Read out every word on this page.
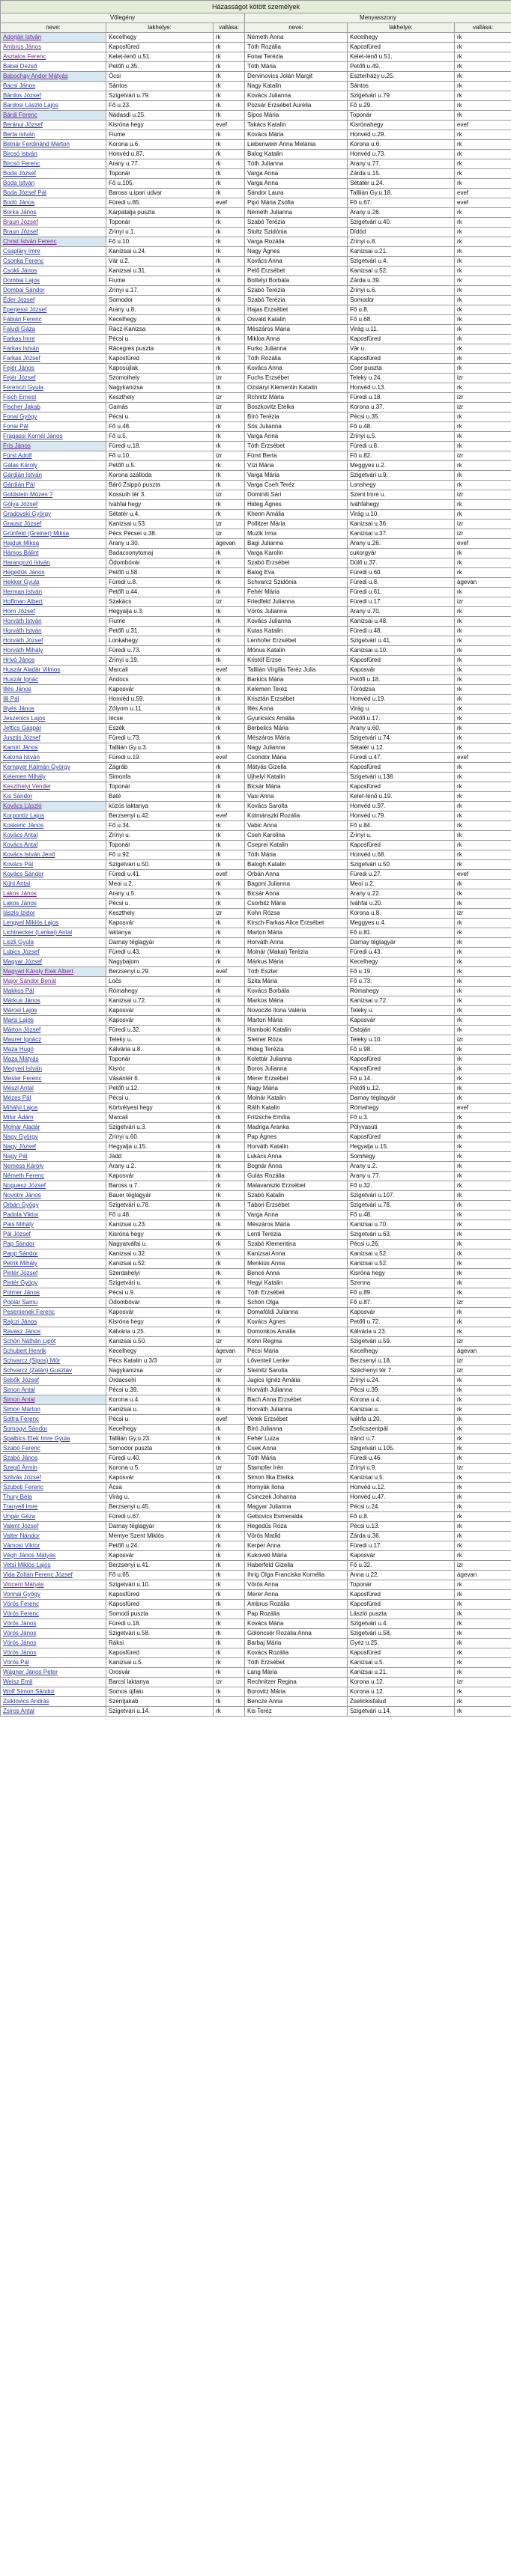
Házasságot kötött személyek					
Vőlegény			Menyasszony		
neve:	lakhelye:	vallása:	neve:	lakhelye:	vallása:
Adorján István	Kecelhegy	rk	Németh Anna	Kecelhegy	rk
Ambrus János	Kaposfüred	rk	Tóth Rozália	Kaposfüred	rk
Asztalos Ferenc	Kelet-Ienő u.51.	rk	Fonai Terézia	Kelet-Ienő u.51.	rk
Babai Dezső	Petőfi u.35.	rk	Tóth Mária	Petőfi u.49.	rk
Babochay Andor Mátyás	Ócsi	rk	Dervinovics Jolán Margit	Eszterházy u.25.	rk
Bacsi János	Sántos	rk	Nagy Katalin	Sántos	rk
Bárdos József	Szigetvári u.79.	rk	Kovács Julianna	Szigetvári u.79.	rk
Bardosi László Lajos	Fő u.23.	rk	Pozsár Erzsébet Aurélia	Fő u.29.	rk
Bárdi Ferenc	Nádasdi u.25.	rk	Sipos Mária	Toponár	rk
Beránui József	Kisróna hegy	evef	Takács Katalin	Kisrónahegy	evef
Berta István	Fiume	rk	Kovács Mária	Honvéd u.29.	rk
Betnár Ferdinánd Márton	Korona u.6.	rk	Liebenwein Anna Melánia	Korona u.6.	rk
Bircsó István	Honvéd u.87.	rk	Balog Katalin	Honvéd u.73.	rk
Bircsó Ferenc	Arany u.77.	rk	Tóth Julianna	Arany u.77.	rk
Boda József	Toponár	rk	Varga Anna	Zárda u.15.	rk
Boda István	Fő u.105.	rk	Varga Anna	Sétatér u.24.	rk
Boda József Pál	Baross u.ipari udvar	rk	Sándor Laura	Talliián Gy.u.18.	evef
Bodó János	Füredi u.85.	evef	Pipó Mária Zsófia	Fő u.67.	evef
Borka János	Kárpátalja puszta	rk	Németh Julianna	Arany u.26.	rk
Braun József	Toponár	rk	Szabó Terézia	Szigetvári u.40.	rk
Braun József	Zrínyi u.1.	rk	Stoltz Szidónia	Dídód	rk
Christ István Ferenc	Fő u.10.	rk	Varga Rozália	Zrínyi u.8.	rk
Csapláry Imre	Kanizsai u.24.	rk	Nagy Ágnes	Kanizsai u.21.	rk
Csonka Ferenc	Vár u.2.	rk	Kovács Anna	Szigetvári u.4.	rk
Csokli János	Kanizsai u.31.	rk	Pető Erzsébet	Kanizsai u.52.	rk
Dombai Lajos	Fiume	rk	Bottelyi Borbála	Zárda u.39.	rk
Dombai Sándor	Zrínyi u.17.	rk	Szabó Terézia	Zrínyi u.6.	rk
Éder József	Somodor	rk	Szabó Terézia	Somodor	rk
Eperjessi József	Arany u.8.	rk	Hajas Erzsébet	Fő u.8.	rk
Fábián Ferenc	Kecelhegy	rk	Osvald Katalin	Fő u.68.	rk
Faludi Gáza	Rácz-Kanizsa	rk	Mészáros Mária	Virág u.11.	rk
Farkas Imre	Pécsi u.	rk	Mikloa Anna	Kaposfüred	rk
Farkas István	Rácegres puszta	rk	Furko Julianna	Vár u.	rk
Farkas József	Kaposfüred	rk	Tóth Rozália	Kaposfüred	rk
Fejér János	Kaposújlak	rk	Kovács Anna	Cser puszta	rk
Fejér József	Szomolhely	izr	Fuchs Erzsébet	Teleky u.24.	izr
Ferenczi Gyula	Nagykanizsa	rk	Ozsláryi Klementin Katalin	Honvéd u.13.	rk
Fisch Ernest	Keszthely	izr	Rchnitz Mária	Füredi u.18.	izr
Fischer Jakab	Gamás	izr	Boszkovitz Etelka	Korona u.37.	izr
Fonai Gyögy	Pécsi u.	rk	Bíró Terézia	Pécsi u.35.	rk
Fonai Pál	Fő u.48.	rk	Sós Julianna	Fő u.48.	rk
Fragassi Kornél János	Fő u.5.	rk	Varga Anna	Zrínyi u.5.	rk
Fris János	Füredi u.18.	rk	Tóth Erzsébet	Füredi u.8.	rk
Fürst Adolf	Fő u.10.	izr	Fürst Berta	Fő u.82.	izr
Gálas Károly	Petőfi u.5.	rk	Vízi Mária	Meggyes u.2.	rk
Gárdián István	Korona szálloda	rk	Varga Mária	Szigetvári u.9.	rk
Gárdián Pál	Báró Zsippó puszta	rk	Varga Cseh Teréz	Lonshegy	rk
Goldstein Mózes ?	Kossuth tér 3.	izr	Dominiti Sári	Szent Imre u.	izr
Gólya József	Iváhfai hegy	rk	Hideg Ágnes	Iváhfahegy	rk
Gradovski György	Sétatér u.4.	rk	Khenn Amália	Virág u.10.	rk
Grausz József	Kanizsai u.53.	izr	Pollitzer Mária	Kanizsai u.36.	izr
Grünfeld (Greiner) Miksa	Pécs Pécsei u.38.	izr	Muzik Irma	Kanizsai u.37.	izr
Hajduk Miksa	Arany u.30.	ágevan	Bagi Julianna	Arany u.26.	evef
Hámos Bálint	Badacsonytomaj	rk	Varga Karolin	cukorgyár	rk
Harangozó István	Ődombóvár	rk	Szabó Erzsébet	Dülő u.37.	rk
Hegedűs János	Petőfi u.58.	rk	Balog Eva	Füredi u.60.	rk
Hekker Gyula	Füredi u.8.	rk	Schvarcz Szidónia	Füredi u.8.	ágevan
Herman István	Petőfi u.44.	rk	Fehér Mária	Füredi u.61.	rk
Hoffman Albert	Szakács	izr	Friedfeld Julianna	Füredi u.17.	izr
Horn József	Hegyalja u.3.	rk	Vörös Julianna	Arany u.70.	rk
Horváth István	Fiume	rk	Kovács Julianna	Kanizsai u.48.	rk
Horváth István	Petőfi u.31.	rk	Kutas Katalin	Füredi u.48.	rk
Horváth József	Lonkahegy	rk	Lenhofer Erzsébet	Szigetvári u.41.	rk
Horváth Mihály	Füredi u.73.	rk	Mónus Katalin	Kanizsai u.10.	rk
Hrivó János	Zrínyi u.19.	rk	Kristóf Erzse	Kaposfüred	rk
Huszár Aladár Vilmos	Marcali	evef	Talliián Virgília Teréz Julia	Kaposvár	rk
Huszár Ignác	Andocs	rk	Barkics Mária	Petőfi u.18.	rk
Illés János	Kaposvár	rk	Kelemen Teréz	Tóródzsa	rk
Illi Pál	Honvéd u.59.	rk	Krisztán Erzsébet	Honvéd u.19.	rk
Illyés János	Zólyom u.11.	rk	Illés Anna	Virág u.	rk
Jeszenics Lajos	Iécse	rk	Gyuricsics Amália	Petőfi u.17.	rk
Jettics Gáspár	Eszék	rk	Berbelics Mária	Arany u.60.	rk
Jusztis József	Füredi u.73.	rk	Mészáros Mária	Szigetvári u.74.	rk
Kamirt János	Talliián Gy.u.3.	rk	Nagy Julianna	Sétatér u.12.	rk
Katona István	Füredi u.19.	evef	Csondor Mária	Füredi u.47.	evef
Kernayer Kálmán György	Zágráb	rk	Mátyás Gizella	Kaposfüred	rk
Kelemen Mihály	Simonfa	rk	Ujhelyi Katalin	Szigetvári u.138.	rk
Keszthelyi Vendel	Toponár	rk	Bicsár Mária	Kaposfüred	rk
Kis Sándor	Baté	rk	Vasi Anna	Kelet-Ienő u.19.	rk
Kovács László	közös laktanya	rk	Kovács Sarolta	Honvéd u.97.	rk
Korpontiz Lajos	Berzsenyi u.42.	evef	Kútmánszki Rozália	Honvéd u.79.	rk
Koskeric János	Fő u.34.	rk	Vabic Anna	Fő u.84.	rk
Kovács Antal	Zrínyi u.	rk	Cseh Karolina	Zrínyi u.	rk
Kovács Antal	Toponár	rk	Cseprei Katalin	Kaposfüred	rk
Kovács István Jenő	Fő u.92.	rk	Tóth Mária	Honvéd u.68.	rk
Kovács Pál	Szigetvári u.50.	rk	Balogh Katalin	Szigetvári u.50.	rk
Kovács Sándor	Füredi u.41.	evef	Orbán Anna	Füredi u.27.	evef
Kühl Antal	Meoi u.2.	rk	Bagoni Julianna	Meoi u.2.	rk
Lakos János	Arany u.5.	rk	Bicsár Anna	Arany u.22.	rk
Lakos János	Pécsi u.	rk	Csorbitz Mária	Iváhfai u.20.	rk
Iászlo Izidor	Keszthely	izr	Kohn Rózsa	Korona u.8.	izr
Lengyel Miklós Lajos	Kaposvár	rk	Kirsch-Farkas Alice Erzsébet	Meggyes u.4.	rk
Lichtnecker (Lenkei) Antal	laktanya	rk	Marton Mária	Fő u.81.	rk
Liszli Gyula	Darnay téglagyár	rk	Horváth Anna	Darnay téglagyár	rk
Lubics József	Füredi u.43.	rk	Molnár (Makai) Terézia	Füredi u.43.	rk
Magyar József	Nagybajom	rk	Márkus Mária	Kecelhegy	rk
Magyari Károly Elek Albert	Berzsenyi u.29.	evef	Tóth Eszter	Fő u.19.	rk
Major Sándor Benát	Ločs	rk	Szita Mária	Fő u.73.	rk
Makkos Pál	Rómahegy	rk	Kovács Borbála	Rómahegy	rk
Márkus János	Kanizsai u.72.	rk	Markos Mária	Kanizsai u.72.	rk
Márosi Lajos	Kaposvár	rk	Novoczki Ilona Valéria	Teleky u.	rk
Marsi Lajos	Kaposvár	rk	Marton Mária	Kaposvár	rk
Márton József	Füredi u.32.	rk	Hamboki Katalin	Ostoján	rk
Maurer Ignácz	Teleky u.	rk	Steiner Róza	Teleky u.10.	izr
Maza Hugó	Kálvária u.8.	rk	Hideg Terézia	Fő u.98.	rk
Maza Mátyás	Toponár	rk	Kolettár Julianna	Kaposfüred	rk
Megyeri István	Kisróc	rk	Boros Julianna	Kaposfüred	rk
Mester Ferenc	Vásántér 6.	rk	Merer Erzsébet	Fő u.14.	rk
Mészl Antal	Petőfi u.12.	rk	Nagy Mária	Petőfi u.12.	rk
Mézes Pál	Pécsi u.	rk	Molnár Katalin	Darnay téglagyár	rk
Mihályi Lajos	Körtvélyesi hegy	rk	Ráth Katalin	Rómahegy	evef
Milur Ádám	Marcali	rk	Fritzsche Emília	Fő u.3.	rk
Molnár Aladár	Szigetvári u.3.	rk	Madriga Aranka	Pölyvasúti	rk
Nagy György	Zrínyi u.60.	rk	Pap Ágnes	Kaposfüred	rk
Nagy József	Hegyalja u.15.	rk	Horváth Katalin	Hegyalja u.15.	rk
Nagy Pál	Jádd	rk	Lukács Anna	Somhegy	rk
Nemess Károly	Arany u.2.	rk	Bognár Anna	Arany u.2.	rk
Németh Ferenc	Kaposvár	rk	Gulás Rozália	Arany u.77.	rk
Noguesz József	Baross u.7.	rk	Malavanszki Erzsébet	Fő u.32.	rk
Novotni János	Bauer téglagyár	rk	Szabó Katalin	Szigetvári u.107.	rk
Orbán Gyögy	Szigetvári u.78.	rk	Tábori Erzsébet	Szigetvári u.78.	rk
Padola Viktor	Fő u.48.	rk	Varga Anna	Fő u.48.	rk
Pais Mihály	Kanizsai u.23.	rk	Mészáros Mária	Kanizsai u.70.	rk
Pál József	Kisróna hegy	rk	Lenti Terézia	Szigetvári u.63.	rk
Pap Sándor	Nagyatváfai u.	rk	Szabó Klementina	Pécsi u.26.	rk
Papp Sándor	Kanizsai u.32.	rk	Kanizsai Anna	Kanizsai u.52.	rk
Petrik Mihály	Kanizsai u.52.	rk	Menkiús Anna	Kanizsai u.52.	rk
Pintér József	Szerdahelyi	rk	Bencé Anna	Kisróna hegy	rk
Pintér Gyögy	Szigetvári u.	rk	Hegyi Katalin	Szenna	rk
Polmer János	Pécsi u.9.	rk	Tóth Erzsébet	Fő u.89.	rk
Poplár Samu	Ódombóvár	rk	Schön Olga	Fő u.87.	izr
Pesenienek Ferenc	Kaposvár	rk	Domafóldi Julianna	Kaposvár	rk
Rajczi János	Kisróna hegy	rk	Kovács Ágnes	Petőfi u.72.	rk
Ravasz János	Kálvária u.25.	rk	Domonkos Amália	Kálvária u.23.	rk
Schön Náthán Lipót	Kanizsai u.50.	izr	Kohn Regina	Szigetvári u.59.	izr
Schubert Henrik	Kecelhegy	ágevan	Pécsi Mária	Kecelhegy	ágevan
Schvarcz (Sipos) Mór	Pécs Katalin u.3/3	izr	Lőventeil Lenke	Berzsenyi u.18.	izr
Schvarcz (Zalán) Gusztáv	Nagykanizsa	izr	Steinitz Sarolta	Széchenyi tér 7.	izr
Sebők József	Ordacsehi	rk	Jagics Ignéz Amália	Zrínyi u.24.	rk
Simon Antal	Pécsi u.39.	rk	Horváth Julianna	Pécsi u.39.	rk
Simon Antal	Korona u.4.	rk	Bach Anna Erzsébet	Korona u.4.	rk
Simon Márton	Kanizsai u.	rk	Horváth Julianna	Kanizsai u.	rk
Soltra Ferenc	Pécsi u.	evef	Vetek Erzsébet	Iváhfa u.20.	rk
Somogyi Sándor	Kecelhegy	rk	Bíró Julianna	Zselicszentpál	rk
Spalbics Elek Imre Gyula	Talliián Gy.u.23.	rk	Fehér Luiza	Iránci u.7.	rk
Szabó Ferenc	Somodor puszta	rk	Csek Anna	Szigetvári u.105.	rk
Szabó János	Füredi u.40.	rk	Tóth Mária	Füredi u.46.	rk
Szegő Ármin	Korona u.5.	izr	Stampfer Irén	Zrínyi u.9.	izr
Szilvás József	Kaposvár	rk	Simon Ilka Etelka	Kanizsai u.5.	rk
Szuboti Ferenc	Ácsa	rk	Hornyák Ilona	Honvéd u.12.	rk
Thury Béla	Virág u.	rk	Csinczek Johanna	Honvéd u.47.	rk
Tranyell Imre	Berzsenyi u.45.	rk	Magyar Julianna	Pécsi u.24.	rk
Ungár Géza	Füredi u.67.	rk	Gebovics Esmeralda	Fő u.8.	rk
Valent József	Darnay téglagyár	rk	Hegedűs Róza	Pécsi u.13.	rk
Valter Nándor	Memye Szent Miklós	rk	Vörös Matild	Zárda u.36.	rk
Vámosi Viktor	Petőfi u.24.	rk	Kerper Anna	Füredi u.17.	rk
Végh János Mátyás	Kaposvár	rk	Kukoveti Mária	Kaposvár	rk
Vetsi Miklós Lajos	Berzsenyi u.41.	rk	Haberfeld Gizella	Fő u.32.	izr
Vida Zoltán Ferenc József	Fő u.65.	rk	Ihrig Olga Franciska Kornélia	Anna u.22.	ágevan
Vincent Mátyás	Szigetvári u.10.	rk	Vörös Anna	Toponár	rk
Vonnai Gyögy	Kaposfüred	rk	Merer Anna	Kaposfüred	rk
Vörös Ferenc	Kaposfüred	rk	Ambrus Rozália	Kaposfüred	rk
Vörös Ferenc	Somodi puszta	rk	Pap Rozália	László puszta	rk
Vörös János	Füredi u.18.	rk	Kovács Mária	Szigetvári u.4.	rk
Vörös János	Szigetvári u.58.	rk	Gölöncsér Rozália Anna	Szigetvári u.58.	rk
Vörös János	Ráksi	rk	Barbaj Mária	Gyéz u.25.	rk
Vörös János	Kaposfüred	rk	Kovács Rozália	Kaposfüred	rk
Vörös Pál	Kanizsai u.5.	rk	Tóth Erzsébet	Kanizsai u.5.	rk
Wágner János Péter	Orosvár	rk	Lang Mária	Kanizsai u.21.	rk
Weisz Emil	Barcsi laktanya	izr	Rechnitzer Regina	Korona u.12.	izr
Wolf Simon Sándor	Somos újfalu	rk	Borovitz Mária	Korona u.12.	rk
Zsiklovics András	Szentjakab	rk	Bencze Anna	Zselickisfalud	rk
Zsiros Antal	Szigetvári u.14.	rk	Kis Teréz	Szigetvári u.14.	rk
